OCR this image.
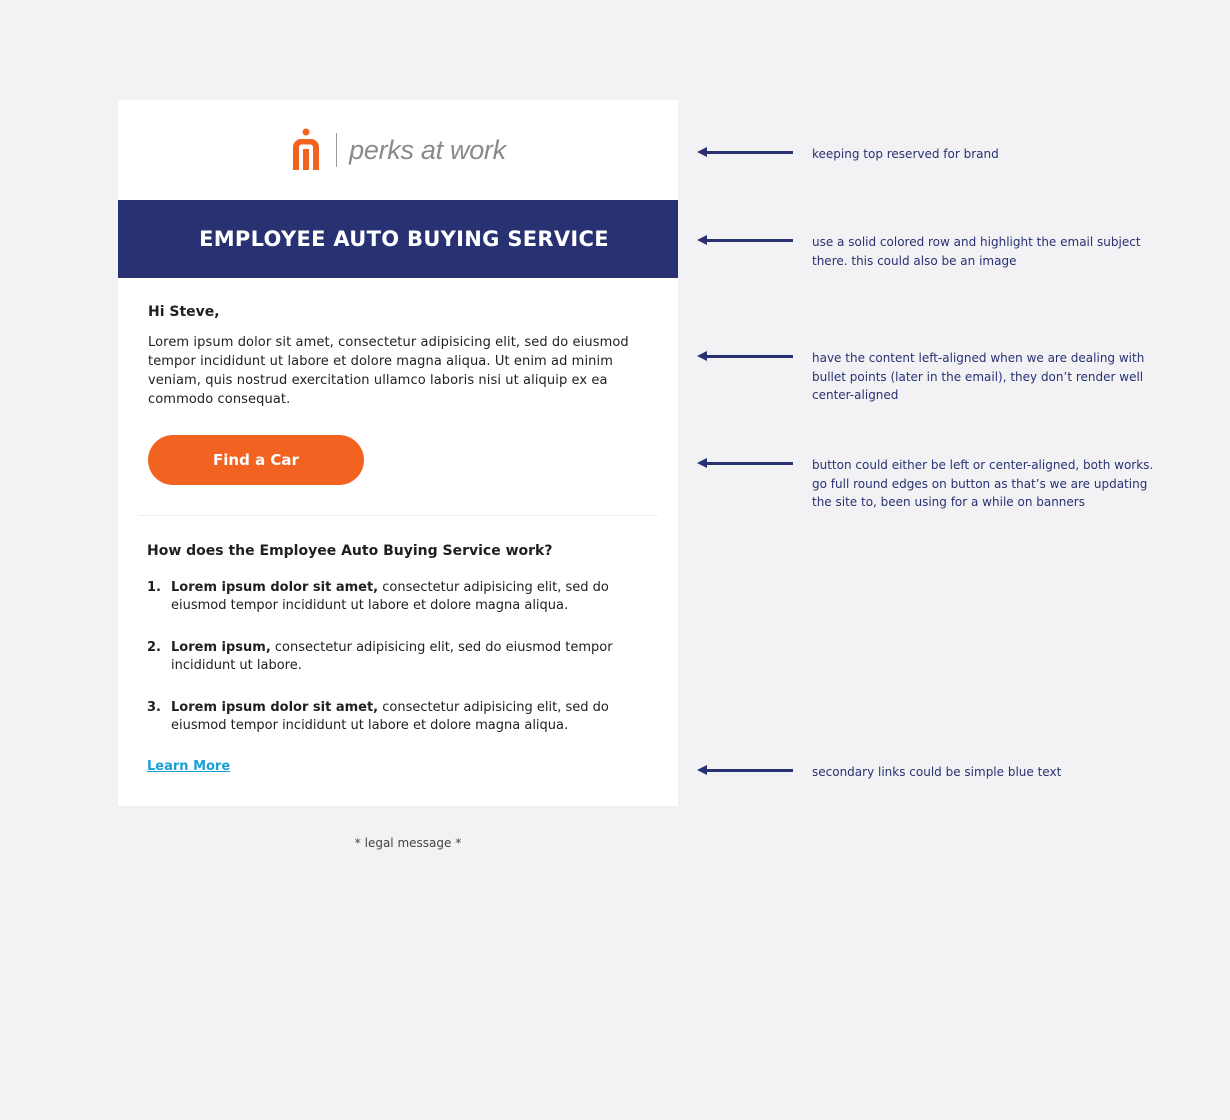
perks at work
EMPLOYEE AUTO BUYING SERVICE
Hi Steve,

Lorem ipsum dolor sit amet, consectetur adipisicing elit, sed do eiusmod tempor incididunt ut labore et dolore magna aliqua. Ut enim ad minim veniam, quis nostrud exercitation ullamco laboris nisi ut aliquip ex ea commodo consequat.

Find a Car
How does the Employee Auto Buying Service work?
1. Lorem ipsum dolor sit amet, consectetur adipisicing elit, sed do eiusmod tempor incididunt ut labore et dolore magna aliqua.
2. Lorem ipsum, consectetur adipisicing elit, sed do eiusmod tempor incididunt ut labore.
3. Lorem ipsum dolor sit amet, consectetur adipisicing elit, sed do eiusmod tempor incididunt ut labore et dolore magna aliqua.
Learn More
* legal message *
keeping top reserved for brand
use a solid colored row and highlight the email subject there. this could also be an image
have the content left-aligned when we are dealing with bullet points (later in the email), they don’t render well center-aligned
button could either be left or center-aligned, both works. go full round edges on button as that’s we are updating the site to, been using for a while on banners
secondary links could be simple blue text
